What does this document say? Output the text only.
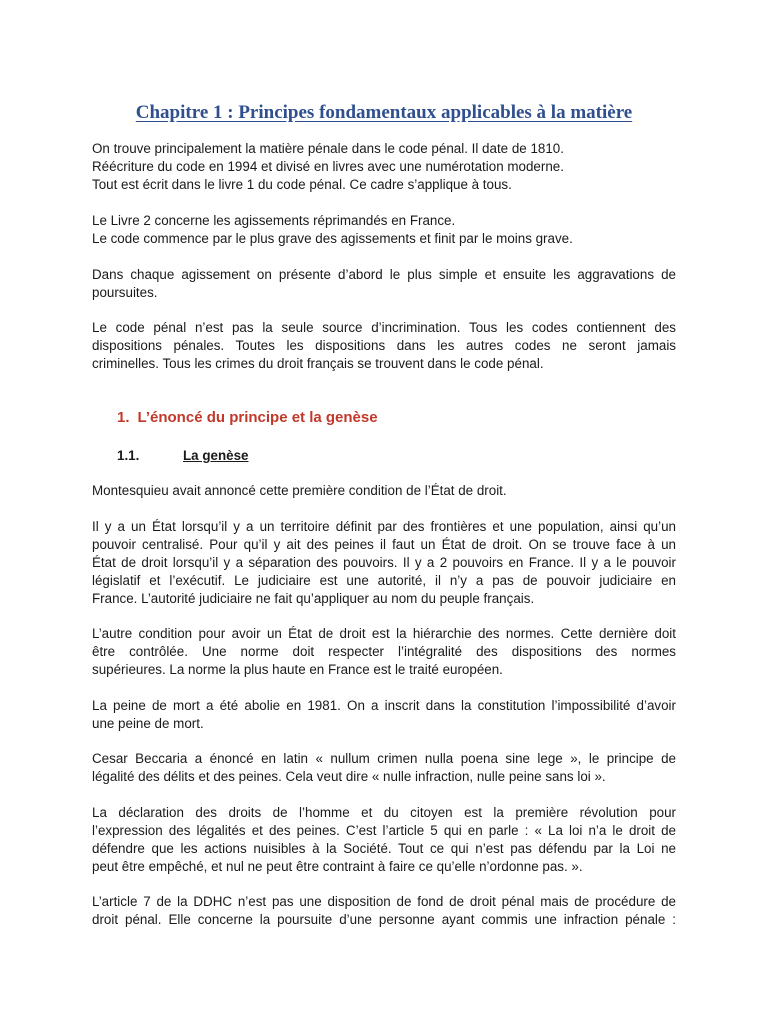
Chapitre 1 : Principes fondamentaux applicables à la matière

On trouve principalement la matière pénale dans le code pénal. Il date de 1810.
Réécriture du code en 1994 et divisé en livres avec une numérotation moderne.
Tout est écrit dans le livre 1 du code pénal. Ce cadre s’applique à tous.

Le Livre 2 concerne les agissements réprimandés en France.
Le code commence par le plus grave des agissements et finit par le moins grave.

Dans chaque agissement on présente d’abord le plus simple et ensuite les aggravations de
poursuites.

Le code pénal n’est pas la seule source d’incrimination. Tous les codes contiennent des
dispositions pénales. Toutes les dispositions dans les autres codes ne seront jamais
criminelles. Tous les crimes du droit français se trouvent dans le code pénal.

1. L’énoncé du principe et la genèse
1.1.	La genèse

Montesquieu avait annoncé cette première condition de l’État de droit.

Il y a un État lorsqu’il y a un territoire définit par des frontières et une population, ainsi qu’un
pouvoir centralisé. Pour qu’il y ait des peines il faut un État de droit. On se trouve face à un
État de droit lorsqu’il y a séparation des pouvoirs. Il y a 2 pouvoirs en France. Il y a le pouvoir
législatif et l’exécutif. Le judiciaire est une autorité, il n’y a pas de pouvoir judiciaire en
France. L’autorité judiciaire ne fait qu’appliquer au nom du peuple français.

L’autre condition pour avoir un État de droit est la hiérarchie des normes. Cette dernière doit
être contrôlée. Une norme doit respecter l’intégralité des dispositions des normes
supérieures. La norme la plus haute en France est le traité européen.

La peine de mort a été abolie en 1981. On a inscrit dans la constitution l’impossibilité d’avoir
une peine de mort.

Cesar Beccaria a énoncé en latin « nullum crimen nulla poena sine lege », le principe de
légalité des délits et des peines. Cela veut dire « nulle infraction, nulle peine sans loi ».

La déclaration des droits de l’homme et du citoyen est la première révolution pour
l’expression des légalités et des peines. C’est l’article 5 qui en parle : « La loi n’a le droit de
défendre que les actions nuisibles à la Société. Tout ce qui n’est pas défendu par la Loi ne
peut être empêché, et nul ne peut être contraint à faire ce qu’elle n’ordonne pas. ».

L’article 7 de la DDHC n’est pas une disposition de fond de droit pénal mais de procédure de
droit pénal. Elle concerne la poursuite d’une personne ayant commis une infraction pénale :
